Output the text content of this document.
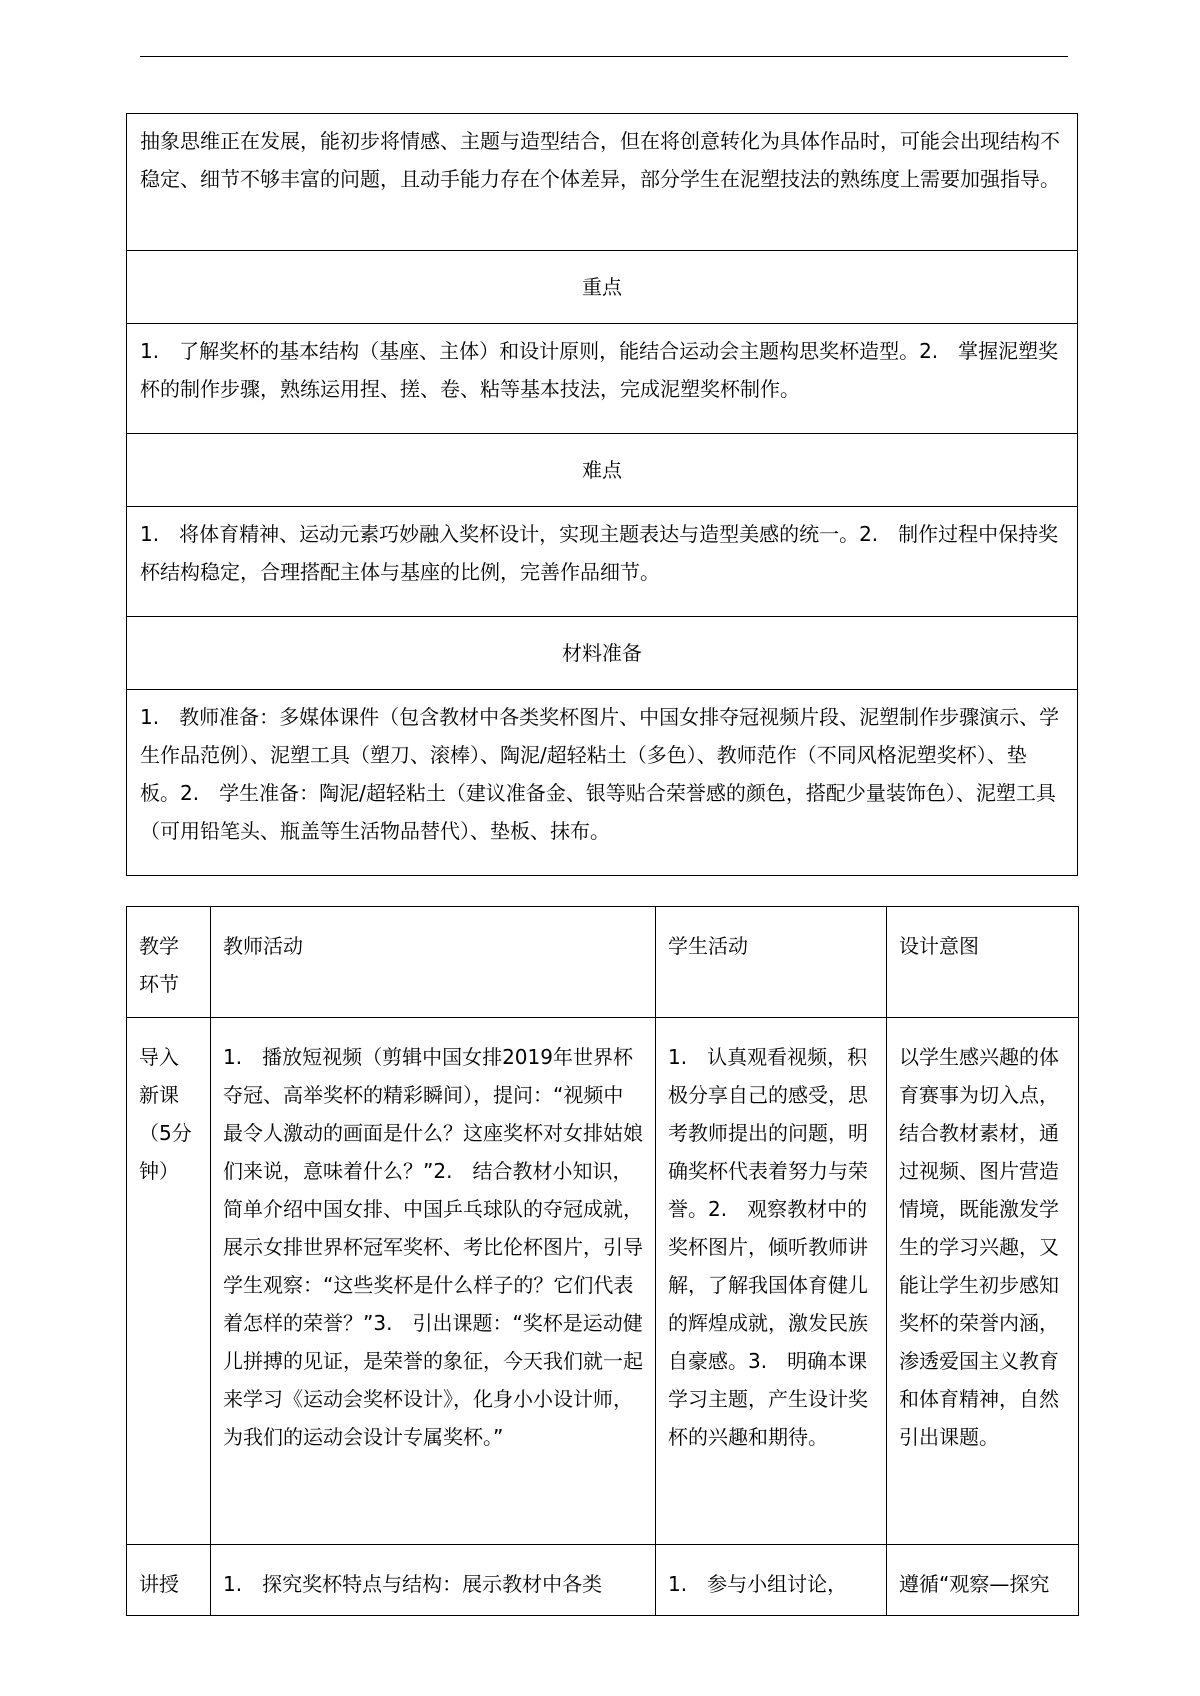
抽象思维正在发展，能初步将情感、主题与造型结合，但在将创意转化为具体作品时，可能会出现结构不稳定、细节不够丰富的问题，且动手能力存在个体差异，部分学生在泥塑技法的熟练度上需要加强指导。
重点
1.　了解奖杯的基本结构（基座、主体）和设计原则，能结合运动会主题构思奖杯造型。2.　掌握泥塑奖杯的制作步骤，熟练运用捏、搓、卷、粘等基本技法，完成泥塑奖杯制作。
难点
1.　将体育精神、运动元素巧妙融入奖杯设计，实现主题表达与造型美感的统一。2.　制作过程中保持奖杯结构稳定，合理搭配主体与基座的比例，完善作品细节。
材料准备
1.　教师准备：多媒体课件（包含教材中各类奖杯图片、中国女排夺冠视频片段、泥塑制作步骤演示、学生作品范例）、泥塑工具（塑刀、滚棒）、陶泥/超轻粘土（多色）、教师范作（不同风格泥塑奖杯）、垫板。2.　学生准备：陶泥/超轻粘土（建议准备金、银等贴合荣誉感的颜色，搭配少量装饰色）、泥塑工具（可用铅笔头、瓶盖等生活物品替代）、垫板、抹布。
教学环节	教师活动	学生活动	设计意图
导入新课（5分钟）	1.　播放短视频（剪辑中国女排2019年世界杯夺冠、高举奖杯的精彩瞬间），提问：“视频中最令人激动的画面是什么？这座奖杯对女排姑娘们来说，意味着什么？”2.　结合教材小知识，简单介绍中国女排、中国乒乓球队的夺冠成就，展示女排世界杯冠军奖杯、考比伦杯图片，引导学生观察：“这些奖杯是什么样子的？它们代表着怎样的荣誉？”3.　引出课题：“奖杯是运动健儿拼搏的见证，是荣誉的象征，今天我们就一起来学习《运动会奖杯设计》，化身小小设计师，为我们的运动会设计专属奖杯。”	1.　认真观看视频，积极分享自己的感受，思考教师提出的问题，明确奖杯代表着努力与荣誉。2.　观察教材中的奖杯图片，倾听教师讲解，了解我国体育健儿的辉煌成就，激发民族自豪感。3.　明确本课学习主题，产生设计奖杯的兴趣和期待。	以学生感兴趣的体育赛事为切入点，结合教材素材，通过视频、图片营造情境，既能激发学生的学习兴趣，又能让学生初步感知奖杯的荣誉内涵，渗透爱国主义教育和体育精神，自然引出课题。
讲授	1.　探究奖杯特点与结构：展示教材中各类	1.　参与小组讨论，	遵循“观察—探究
